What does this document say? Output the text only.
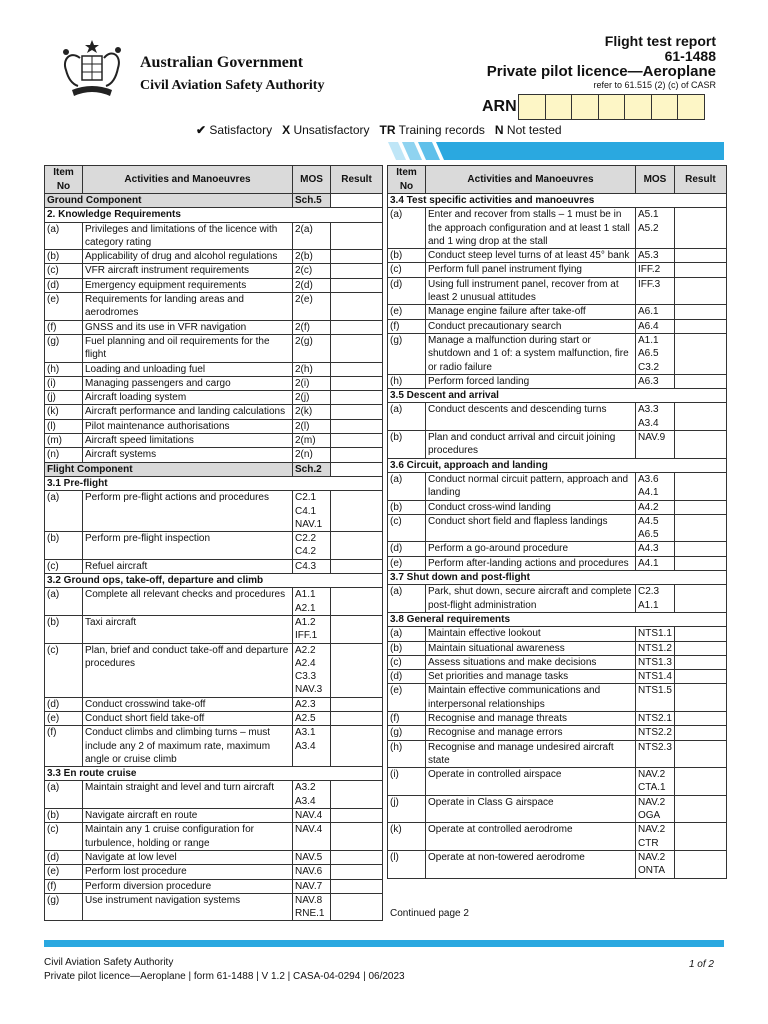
Australian Government
Civil Aviation Safety Authority
Flight test report
61-1488
Private pilot licence—Aeroplane
refer to 61.515 (2) (c) of CASR
ARN
✔ Satisfactory X Unsatisfactory TR Training records N Not tested
Item No	Activities and Manoeuvres	MOS	Result
Ground Component		Sch.5	
2. Knowledge Requirements			
(a)	Privileges and limitations of the licence with category rating	2(a)	
(b)	Applicability of drug and alcohol regulations	2(b)	
(c)	VFR aircraft instrument requirements	2(c)	
(d)	Emergency equipment requirements	2(d)	
(e)	Requirements for landing areas and aerodromes	2(e)	
(f)	GNSS and its use in VFR navigation	2(f)	
(g)	Fuel planning and oil requirements for the flight	2(g)	
(h)	Loading and unloading fuel	2(h)	
(i)	Managing passengers and cargo	2(i)	
(j)	Aircraft loading system	2(j)	
(k)	Aircraft performance and landing calculations	2(k)	
(l)	Pilot maintenance authorisations	2(l)	
(m)	Aircraft speed limitations	2(m)	
(n)	Aircraft systems	2(n)	
Flight Component		Sch.2	
3.1 Pre-flight			
(a)	Perform pre-flight actions and procedures	C2.1
C4.1
NAV.1	
(b)	Perform pre-flight inspection	C2.2
C4.2	
(c)	Refuel aircraft	C4.3	
3.2 Ground ops, take-off, departure and climb			
(a)	Complete all relevant checks and procedures	A1.1
A2.1	
(b)	Taxi aircraft	A1.2
IFF.1	
(c)	Plan, brief and conduct take-off and departure procedures	A2.2
A2.4
C3.3
NAV.3	
(d)	Conduct crosswind take-off	A2.3	
(e)	Conduct short field take-off	A2.5	
(f)	Conduct climbs and climbing turns – must include any 2 of maximum rate, maximum angle or cruise climb	A3.1
A3.4	
3.3 En route cruise			
(a)	Maintain straight and level and turn aircraft	A3.2
A3.4	
(b)	Navigate aircraft en route	NAV.4	
(c)	Maintain any 1 cruise configuration for turbulence, holding or range	NAV.4	
(d)	Navigate at low level	NAV.5	
(e)	Perform lost procedure	NAV.6	
(f)	Perform diversion procedure	NAV.7	
(g)	Use instrument navigation systems	NAV.8
RNE.1	
Item No	Activities and Manoeuvres	MOS	Result
3.4 Test specific activities and manoeuvres			
(a)	Enter and recover from stalls – 1 must be in the approach configuration and at least 1 stall and 1 wing drop at the stall	A5.1
A5.2	
(b)	Conduct steep level turns of at least 45° bank	A5.3	
(c)	Perform full panel instrument flying	IFF.2	
(d)	Using full instrument panel, recover from at least 2 unusual attitudes	IFF.3	
(e)	Manage engine failure after take-off	A6.1	
(f)	Conduct precautionary search	A6.4	
(g)	Manage a malfunction during start or shutdown and 1 of: a system malfunction, fire or radio failure	A1.1
A6.5
C3.2	
(h)	Perform forced landing	A6.3	
3.5 Descent and arrival			
(a)	Conduct descents and descending turns	A3.3
A3.4	
(b)	Plan and conduct arrival and circuit joining procedures	NAV.9	
3.6 Circuit, approach and landing			
(a)	Conduct normal circuit pattern, approach and landing	A3.6
A4.1	
(b)	Conduct cross-wind landing	A4.2	
(c)	Conduct short field and flapless landings	A4.5
A6.5	
(d)	Perform a go-around procedure	A4.3	
(e)	Perform after-landing actions and procedures	A4.1	
3.7 Shut down and post-flight			
(a)	Park, shut down, secure aircraft and complete post-flight administration	C2.3
A1.1	
3.8 General requirements			
(a)	Maintain effective lookout	NTS1.1	
(b)	Maintain situational awareness	NTS1.2	
(c)	Assess situations and make decisions	NTS1.3	
(d)	Set priorities and manage tasks	NTS1.4	
(e)	Maintain effective communications and interpersonal relationships	NTS1.5	
(f)	Recognise and manage threats	NTS2.1	
(g)	Recognise and manage errors	NTS2.2	
(h)	Recognise and manage undesired aircraft state	NTS2.3	
(i)	Operate in controlled airspace	NAV.2
CTA.1	
(j)	Operate in Class G airspace	NAV.2
OGA	
(k)	Operate at controlled aerodrome	NAV.2
CTR	
(l)	Operate at non-towered aerodrome	NAV.2
ONTA	
Continued page 2
Civil Aviation Safety Authority
Private pilot licence—Aeroplane | form 61-1488 | V 1.2 | CASA-04-0294 | 06/2023
1 of 2
